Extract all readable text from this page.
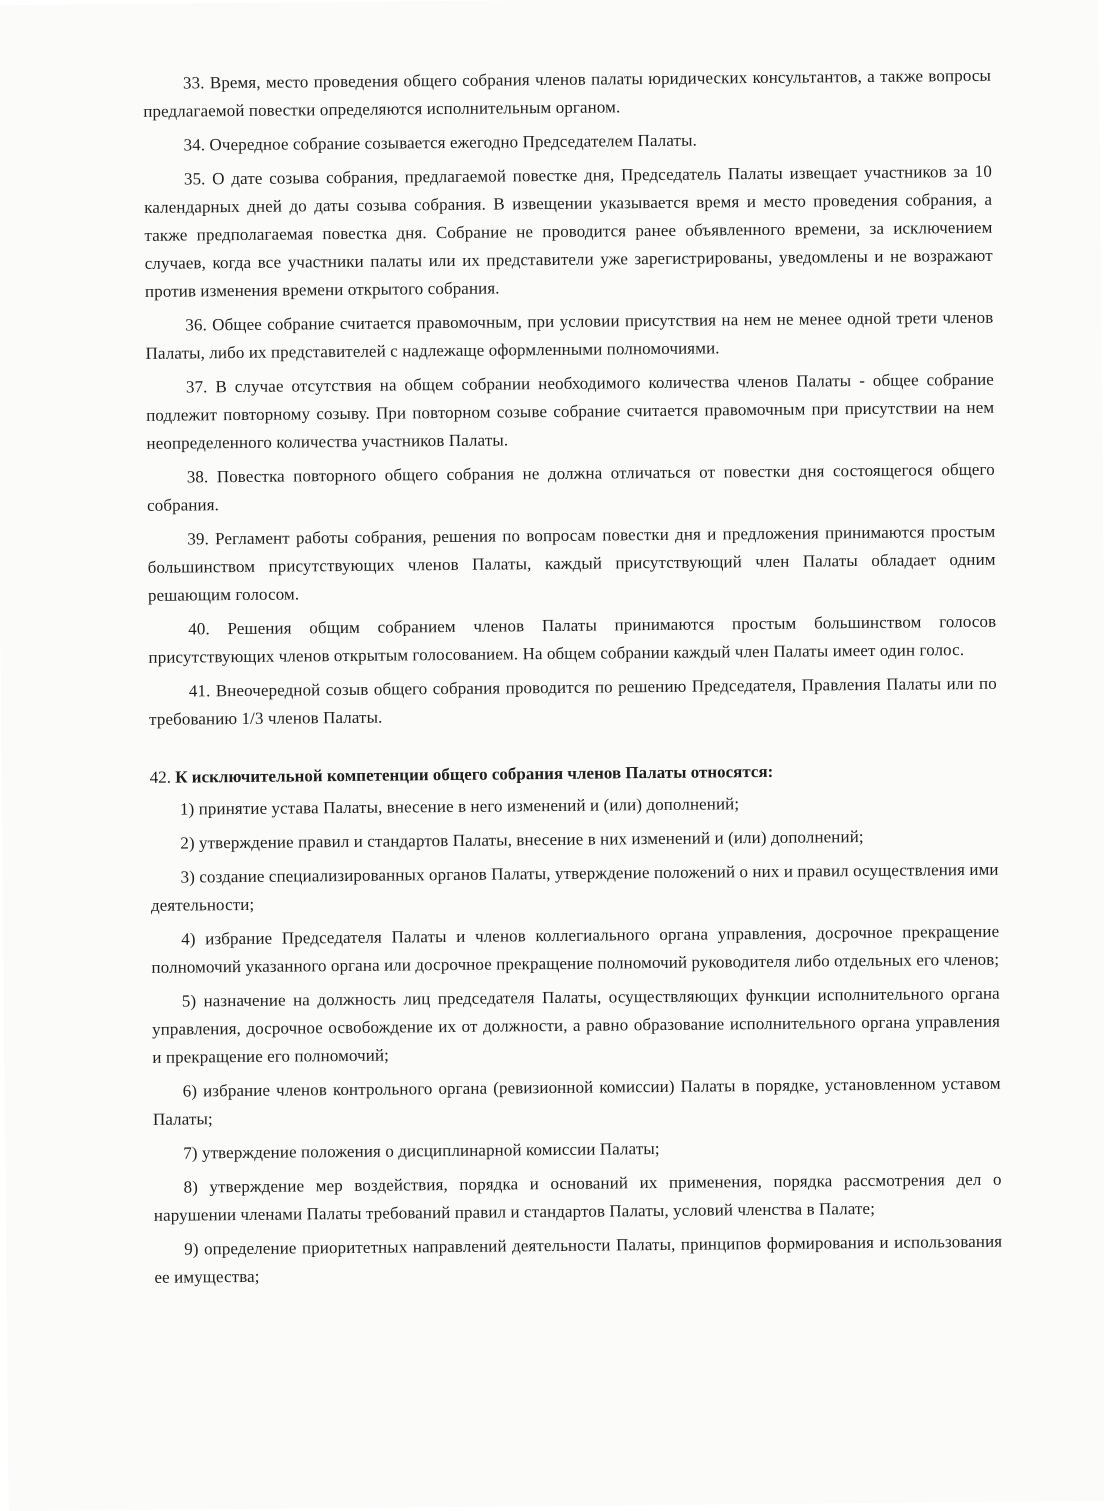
33. Время, место проведения общего собрания членов палаты юридических консультантов, а также вопросы предлагаемой повестки определяются исполнительным органом.

34. Очередное собрание созывается ежегодно Председателем Палаты.

35. О дате созыва собрания, предлагаемой повестке дня, Председатель Палаты извещает участников за 10 календарных дней до даты созыва собрания. В извещении указывается время и место проведения собрания, а также предполагаемая повестка дня. Собрание не проводится ранее объявленного времени, за исключением случаев, когда все участники палаты или их представители уже зарегистрированы, уведомлены и не возражают против изменения времени открытого собрания.

36. Общее собрание считается правомочным, при условии присутствия на нем не менее одной трети членов Палаты, либо их представителей с надлежаще оформленными полномочиями.

37. В случае отсутствия на общем собрании необходимого количества членов Палаты - общее собрание подлежит повторному созыву. При повторном созыве собрание считается правомочным при присутствии на нем неопределенного количества участников Палаты.

38. Повестка повторного общего собрания не должна отличаться от повестки дня состоящегося общего собрания.

39. Регламент работы собрания, решения по вопросам повестки дня и предложения принимаются простым большинством присутствующих членов Палаты, каждый присутствующий член Палаты обладает одним решающим голосом.

40. Решения общим собранием членов Палаты принимаются простым большинством голосов присутствующих членов открытым голосованием. На общем собрании каждый член Палаты имеет один голос.

41. Внеочередной созыв общего собрания проводится по решению Председателя, Правления Палаты или по требованию 1/3 членов Палаты.

42. К исключительной компетенции общего собрания членов Палаты относятся:

1) принятие устава Палаты, внесение в него изменений и (или) дополнений;

2) утверждение правил и стандартов Палаты, внесение в них изменений и (или) дополнений;

3) создание специализированных органов Палаты, утверждение положений о них и правил осуществления ими деятельности;

4) избрание Председателя Палаты и членов коллегиального органа управления, досрочное прекращение полномочий указанного органа или досрочное прекращение полномочий руководителя либо отдельных его членов;

5) назначение на должность лиц председателя Палаты, осуществляющих функции исполнительного органа управления, досрочное освобождение их от должности, а равно образование исполнительного органа управления и прекращение его полномочий;

6) избрание членов контрольного органа (ревизионной комиссии) Палаты в порядке, установленном уставом Палаты;

7) утверждение положения о дисциплинарной комиссии Палаты;

8) утверждение мер воздействия, порядка и оснований их применения, порядка рассмотрения дел о нарушении членами Палаты требований правил и стандартов Палаты, условий членства в Палате;

9) определение приоритетных направлений деятельности Палаты, принципов формирования и использования ее имущества;
